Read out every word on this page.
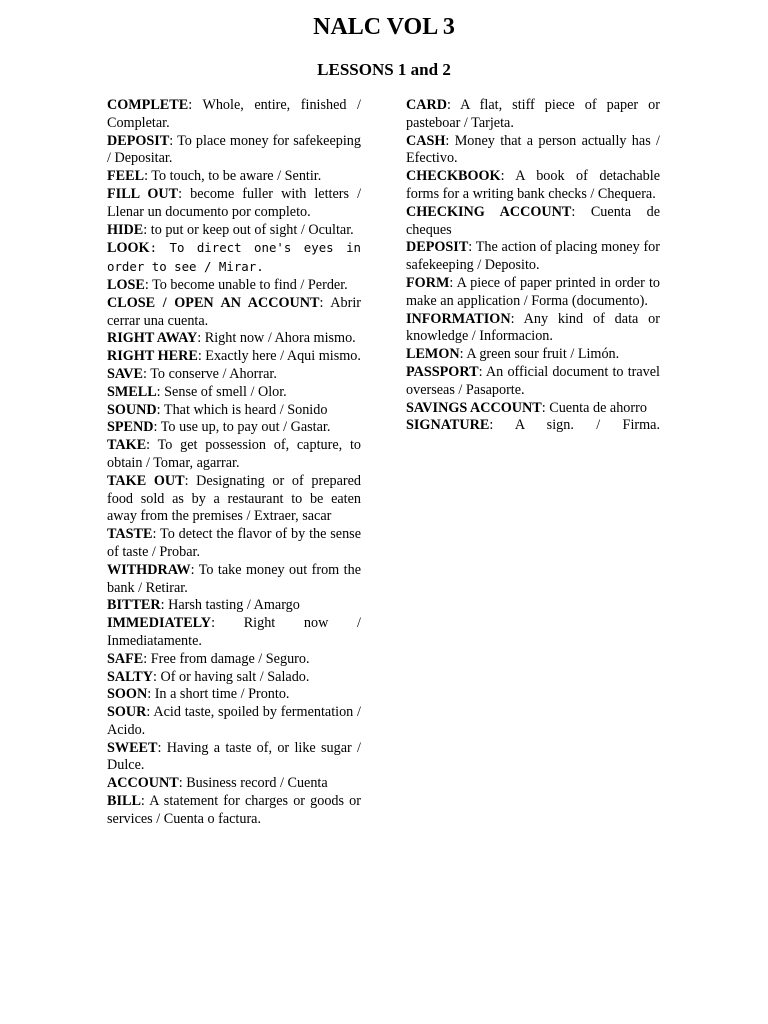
NALC VOL 3
LESSONS 1 and 2

COMPLETE: Whole, entire, finished / Completar.

DEPOSIT: To place money for safekeeping / Depositar.

FEEL: To touch, to be aware / Sentir.

FILL OUT: become fuller with letters / Llenar un documento por completo.

HIDE: to put or keep out of sight / Ocultar.

LOOK: To direct one's eyes in order to see / Mirar.

LOSE: To become unable to find / Perder.

CLOSE / OPEN AN ACCOUNT: Abrir cerrar una cuenta.

RIGHT AWAY: Right now / Ahora mismo.

RIGHT HERE: Exactly here / Aqui mismo.

SAVE: To conserve / Ahorrar.

SMELL: Sense of smell / Olor.

SOUND: That which is heard / Sonido

SPEND: To use up, to pay out / Gastar.

TAKE: To get possession of, capture, to obtain / Tomar, agarrar.

TAKE OUT: Designating or of prepared food sold as by a restaurant to be eaten away from the premises / Extraer, sacar

TASTE: To detect the flavor of by the sense of taste / Probar.

WITHDRAW: To take money out from the bank / Retirar.

BITTER: Harsh tasting / Amargo

IMMEDIATELY: Right now / Inmediatamente.

SAFE: Free from damage / Seguro.

SALTY: Of or having salt / Salado.

SOON: In a short time / Pronto.

SOUR: Acid taste, spoiled by fermentation / Acido.

SWEET: Having a taste of, or like sugar / Dulce.

ACCOUNT: Business record / Cuenta

BILL: A statement for charges or goods or services / Cuenta o factura.

CARD: A flat, stiff piece of paper or pasteboar / Tarjeta.

CASH: Money that a person actually has / Efectivo.

CHECKBOOK: A book of detachable forms for a writing bank checks / Chequera.

CHECKING ACCOUNT: Cuenta de cheques

DEPOSIT: The action of placing money for safekeeping / Deposito.

FORM: A piece of paper printed in order to make an application / Forma (documento).

INFORMATION: Any kind of data or knowledge / Informacion.

LEMON: A green sour fruit / Limón.

PASSPORT: An official document to travel overseas / Pasaporte.

SAVINGS ACCOUNT: Cuenta de ahorro

SIGNATURE: A sign. / Firma.
